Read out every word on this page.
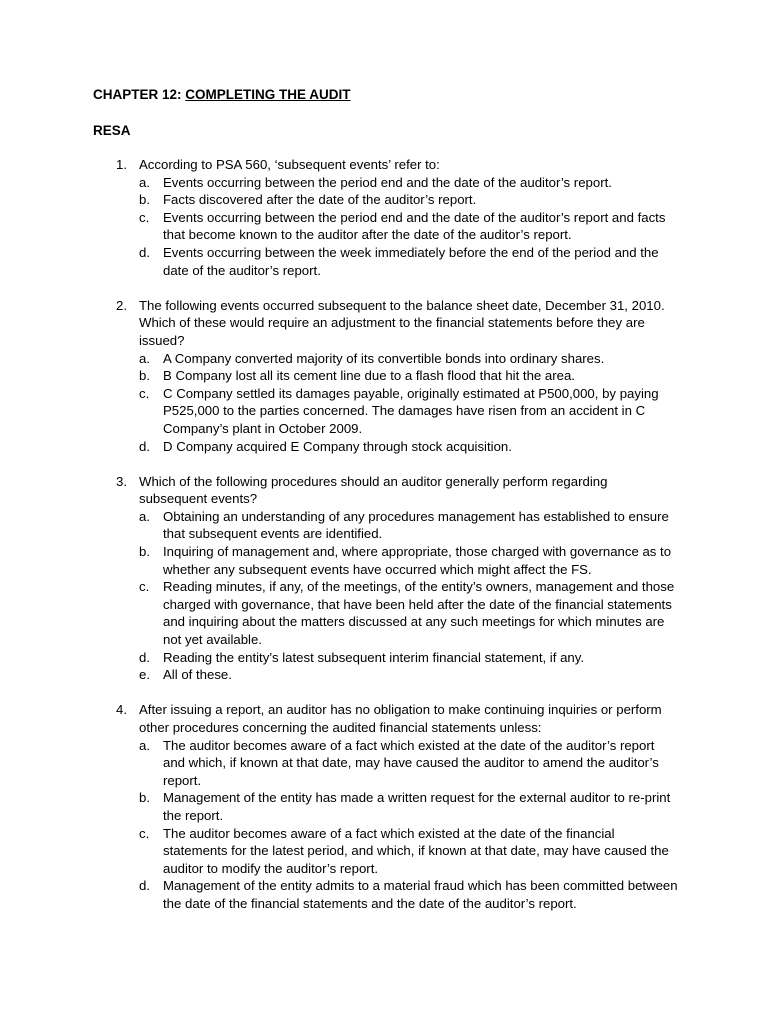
CHAPTER 12: COMPLETING THE AUDIT
RESA
1. According to PSA 560, ‘subsequent events’ refer to:
a. Events occurring between the period end and the date of the auditor’s report.
b. Facts discovered after the date of the auditor’s report.
c. Events occurring between the period end and the date of the auditor’s report and facts that become known to the auditor after the date of the auditor’s report.
d. Events occurring between the week immediately before the end of the period and the date of the auditor’s report.
2. The following events occurred subsequent to the balance sheet date, December 31, 2010. Which of these would require an adjustment to the financial statements before they are issued?
a. A Company converted majority of its convertible bonds into ordinary shares.
b. B Company lost all its cement line due to a flash flood that hit the area.
c. C Company settled its damages payable, originally estimated at P500,000, by paying P525,000 to the parties concerned. The damages have risen from an accident in C Company’s plant in October 2009.
d. D Company acquired E Company through stock acquisition.
3. Which of the following procedures should an auditor generally perform regarding subsequent events?
a. Obtaining an understanding of any procedures management has established to ensure that subsequent events are identified.
b. Inquiring of management and, where appropriate, those charged with governance as to whether any subsequent events have occurred which might affect the FS.
c. Reading minutes, if any, of the meetings, of the entity’s owners, management and those charged with governance, that have been held after the date of the financial statements and inquiring about the matters discussed at any such meetings for which minutes are not yet available.
d. Reading the entity’s latest subsequent interim financial statement, if any.
e. All of these.
4. After issuing a report, an auditor has no obligation to make continuing inquiries or perform other procedures concerning the audited financial statements unless:
a. The auditor becomes aware of a fact which existed at the date of the auditor’s report and which, if known at that date, may have caused the auditor to amend the auditor’s report.
b. Management of the entity has made a written request for the external auditor to re-print the report.
c. The auditor becomes aware of a fact which existed at the date of the financial statements for the latest period, and which, if known at that date, may have caused the auditor to modify the auditor’s report.
d. Management of the entity admits to a material fraud which has been committed between the date of the financial statements and the date of the auditor’s report.
